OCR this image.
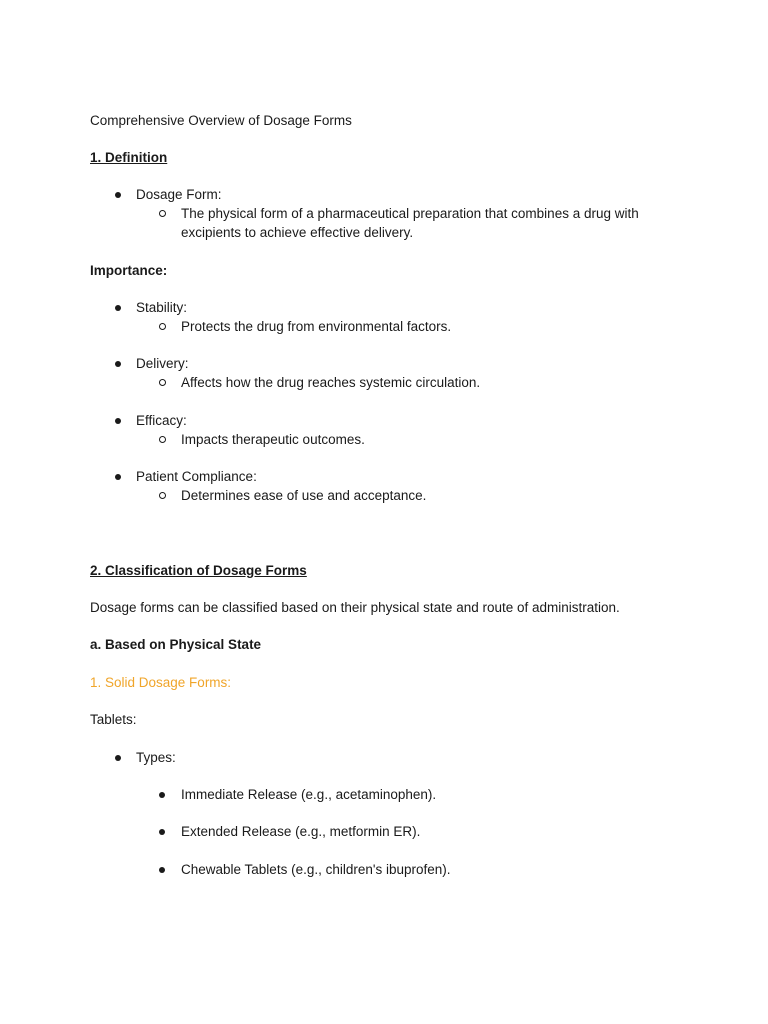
Comprehensive Overview of Dosage Forms
1. Definition
Dosage Form:
The physical form of a pharmaceutical preparation that combines a drug with
excipients to achieve effective delivery.
Importance:
Stability:
Protects the drug from environmental factors.
Delivery:
Affects how the drug reaches systemic circulation.
Efficacy:
Impacts therapeutic outcomes.
Patient Compliance:
Determines ease of use and acceptance.
2. Classification of Dosage Forms
Dosage forms can be classified based on their physical state and route of administration.
a. Based on Physical State
1. Solid Dosage Forms:
Tablets:
Types:
Immediate Release (e.g., acetaminophen).
Extended Release (e.g., metformin ER).
Chewable Tablets (e.g., children's ibuprofen).
